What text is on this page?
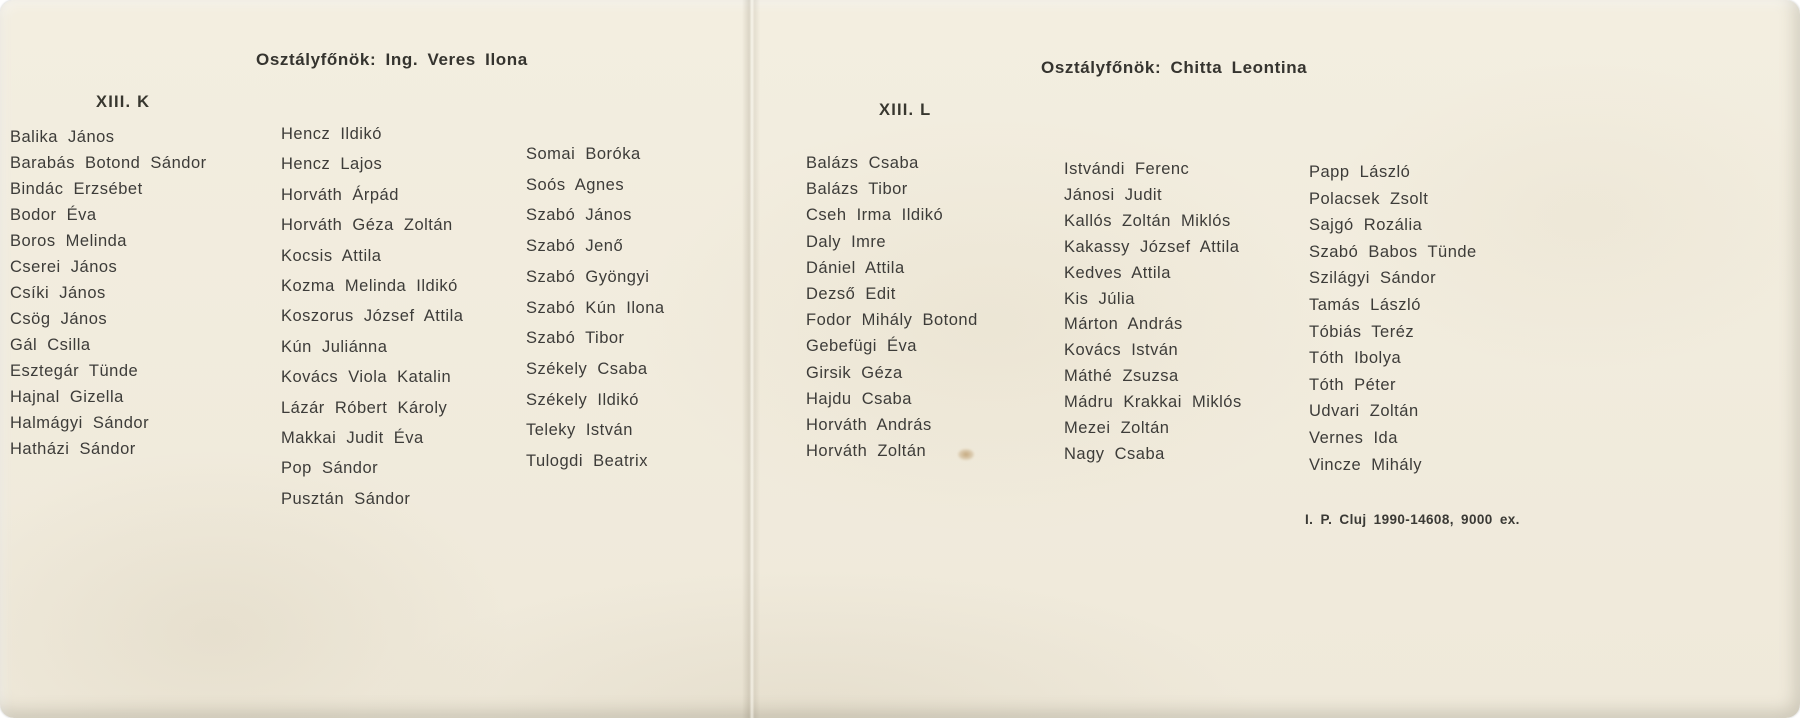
Osztályfőnök: Ing. Veres Ilona
XIII. K
Balika János
Barabás Botond Sándor
Bindác Erzsébet
Bodor Éva
Boros Melinda
Cserei János
Csíki János
Csög János
Gál Csilla
Esztegár Tünde
Hajnal Gizella
Halmágyi Sándor
Hatházi Sándor
Hencz Ildikó
Hencz Lajos
Horváth Árpád
Horváth Géza Zoltán
Kocsis Attila
Kozma Melinda Ildikó
Koszorus József Attila
Kún Juliánna
Kovács Viola Katalin
Lázár Róbert Károly
Makkai Judit Éva
Pop Sándor
Pusztán Sándor
Somai Boróka
Soós Agnes
Szabó János
Szabó Jenő
Szabó Gyöngyi
Szabó Kún Ilona
Szabó Tibor
Székely Csaba
Székely Ildikó
Teleky István
Tulogdi Beatrix
Osztályfőnök: Chitta Leontina
XIII. L
Balázs Csaba
Balázs Tibor
Cseh Irma Ildikó
Daly Imre
Dániel Attila
Dezső Edit
Fodor Mihály Botond
Gebefügi Éva
Girsik Géza
Hajdu Csaba
Horváth András
Horváth Zoltán
Istvándi Ferenc
Jánosi Judit
Kallós Zoltán Miklós
Kakassy József Attila
Kedves Attila
Kis Júlia
Márton András
Kovács István
Máthé Zsuzsa
Mádru Krakkai Miklós
Mezei Zoltán
Nagy Csaba
Papp László
Polacsek Zsolt
Sajgó Rozália
Szabó Babos Tünde
Szilágyi Sándor
Tamás László
Tóbiás Teréz
Tóth Ibolya
Tóth Péter
Udvari Zoltán
Vernes Ida
Vincze Mihály
I. P. Cluj 1990-14608, 9000 ex.
